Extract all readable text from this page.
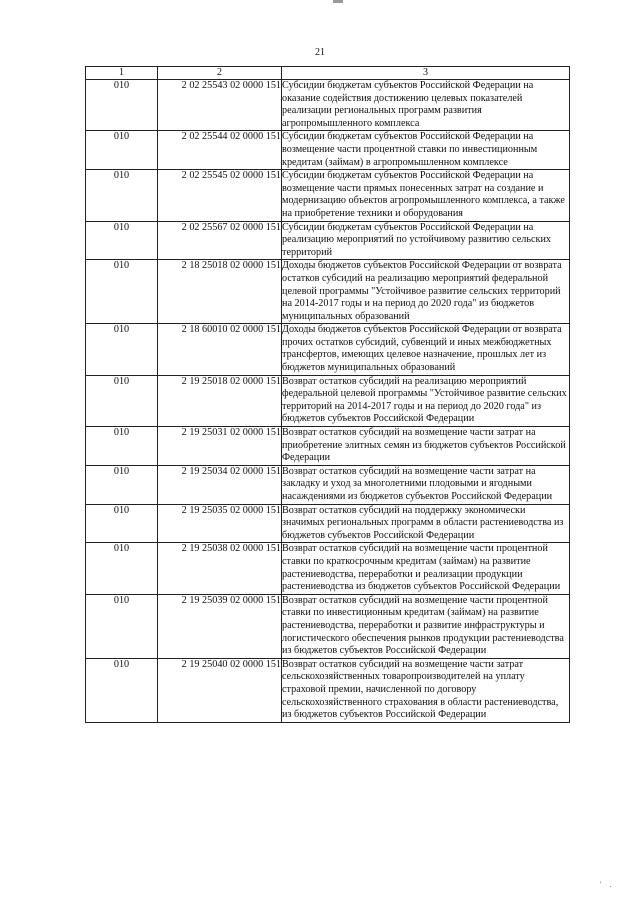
21
1	2	3
010	2 02 25543 02 0000 151	Субсидии бюджетам субъектов Российской Федерации на оказание содействия достижению целевых показателей реализации региональных программ развития агропромышленного комплекса
010	2 02 25544 02 0000 151	Субсидии бюджетам субъектов Российской Федерации на возмещение части процентной ставки по инвестиционным кредитам (займам) в агропромышленном комплексе
010	2 02 25545 02 0000 151	Субсидии бюджетам субъектов Российской Федерации на возмещение части прямых понесенных затрат на создание и модернизацию объектов агропромышленного комплекса, а также на приобретение техники и оборудования
010	2 02 25567 02 0000 151	Субсидии бюджетам субъектов Российской Федерации на реализацию мероприятий по устойчивому развитию сельских территорий
010	2 18 25018 02 0000 151	Доходы бюджетов субъектов Российской Федерации от возврата остатков субсидий на реализацию мероприятий федеральной целевой программы "Устойчивое развитие сельских территорий на 2014-2017 годы и на период до 2020 года" из бюджетов муниципальных образований
010	2 18 60010 02 0000 151	Доходы бюджетов субъектов Российской Федерации от возврата прочих остатков субсидий, субвенций и иных межбюджетных трансфертов, имеющих целевое назначение, прошлых лет из бюджетов муниципальных образований
010	2 19 25018 02 0000 151	Возврат остатков субсидий на реализацию мероприятий федеральной целевой программы "Устойчивое развитие сельских территорий на 2014-2017 годы и на период до 2020 года" из бюджетов субъектов Российской Федерации
010	2 19 25031 02 0000 151	Возврат остатков субсидий на возмещение части затрат на приобретение элитных семян из бюджетов субъектов Российской Федерации
010	2 19 25034 02 0000 151	Возврат остатков субсидий на возмещение части затрат на закладку и уход за многолетними плодовыми и ягодными насаждениями из бюджетов субъектов Российской Федерации
010	2 19 25035 02 0000 151	Возврат остатков субсидий на поддержку экономически значимых региональных программ в области растениеводства из бюджетов субъектов Российской Федерации
010	2 19 25038 02 0000 151	Возврат остатков субсидий на возмещение части процентной ставки по краткосрочным кредитам (займам) на развитие растениеводства, переработки и реализации продукции растениеводства из бюджетов субъектов Российской Федерации
010	2 19 25039 02 0000 151	Возврат остатков субсидий на возмещение части процентной ставки по инвестиционным кредитам (займам) на развитие растениеводства, переработки и развитие инфраструктуры и логистического обеспечения рынков продукции растениеводства из бюджетов субъектов Российской Федерации
010	2 19 25040 02 0000 151	Возврат остатков субсидий на возмещение части затрат сельскохозяйственных товаропроизводителей на уплату страховой премии, начисленной по договору сельскохозяйственного страхования в области растениеводства, из бюджетов субъектов Российской Федерации
' .
